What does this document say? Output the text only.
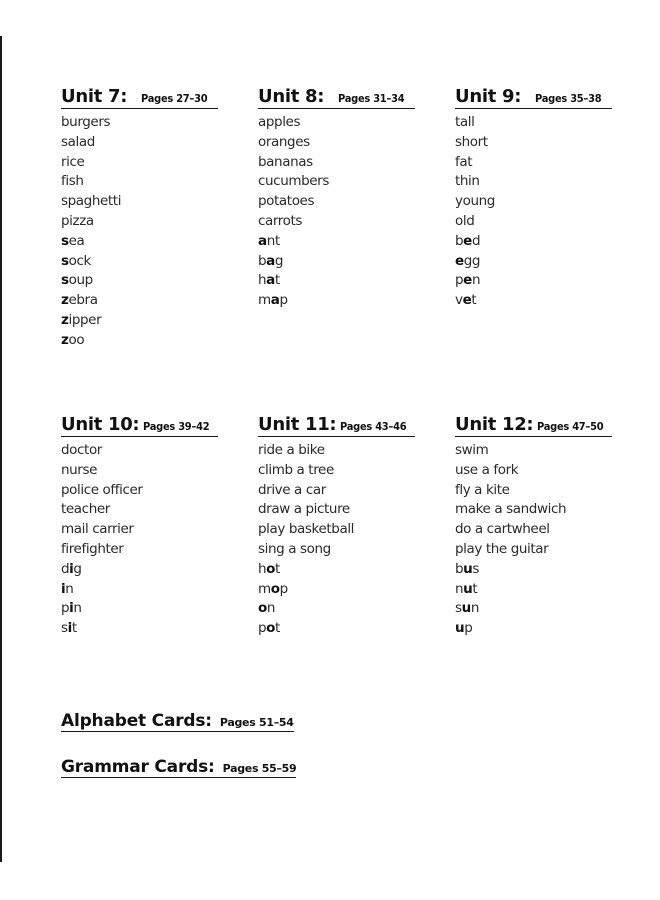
Unit 7: Pages 27–30
burgers
salad
rice
fish
spaghetti
pizza
sea
sock
soup
zebra
zipper
zoo
Unit 8: Pages 31–34
apples
oranges
bananas
cucumbers
potatoes
carrots
ant
bag
hat
map
Unit 9: Pages 35–38
tall
short
fat
thin
young
old
bed
egg
pen
vet
Unit 10: Pages 39–42
doctor
nurse
police officer
teacher
mail carrier
firefighter
dig
in
pin
sit
Unit 11: Pages 43–46
ride a bike
climb a tree
drive a car
draw a picture
play basketball
sing a song
hot
mop
on
pot
Unit 12: Pages 47–50
swim
use a fork
fly a kite
make a sandwich
do a cartwheel
play the guitar
bus
nut
sun
up
Alphabet Cards: Pages 51–54
Grammar Cards: Pages 55–59
